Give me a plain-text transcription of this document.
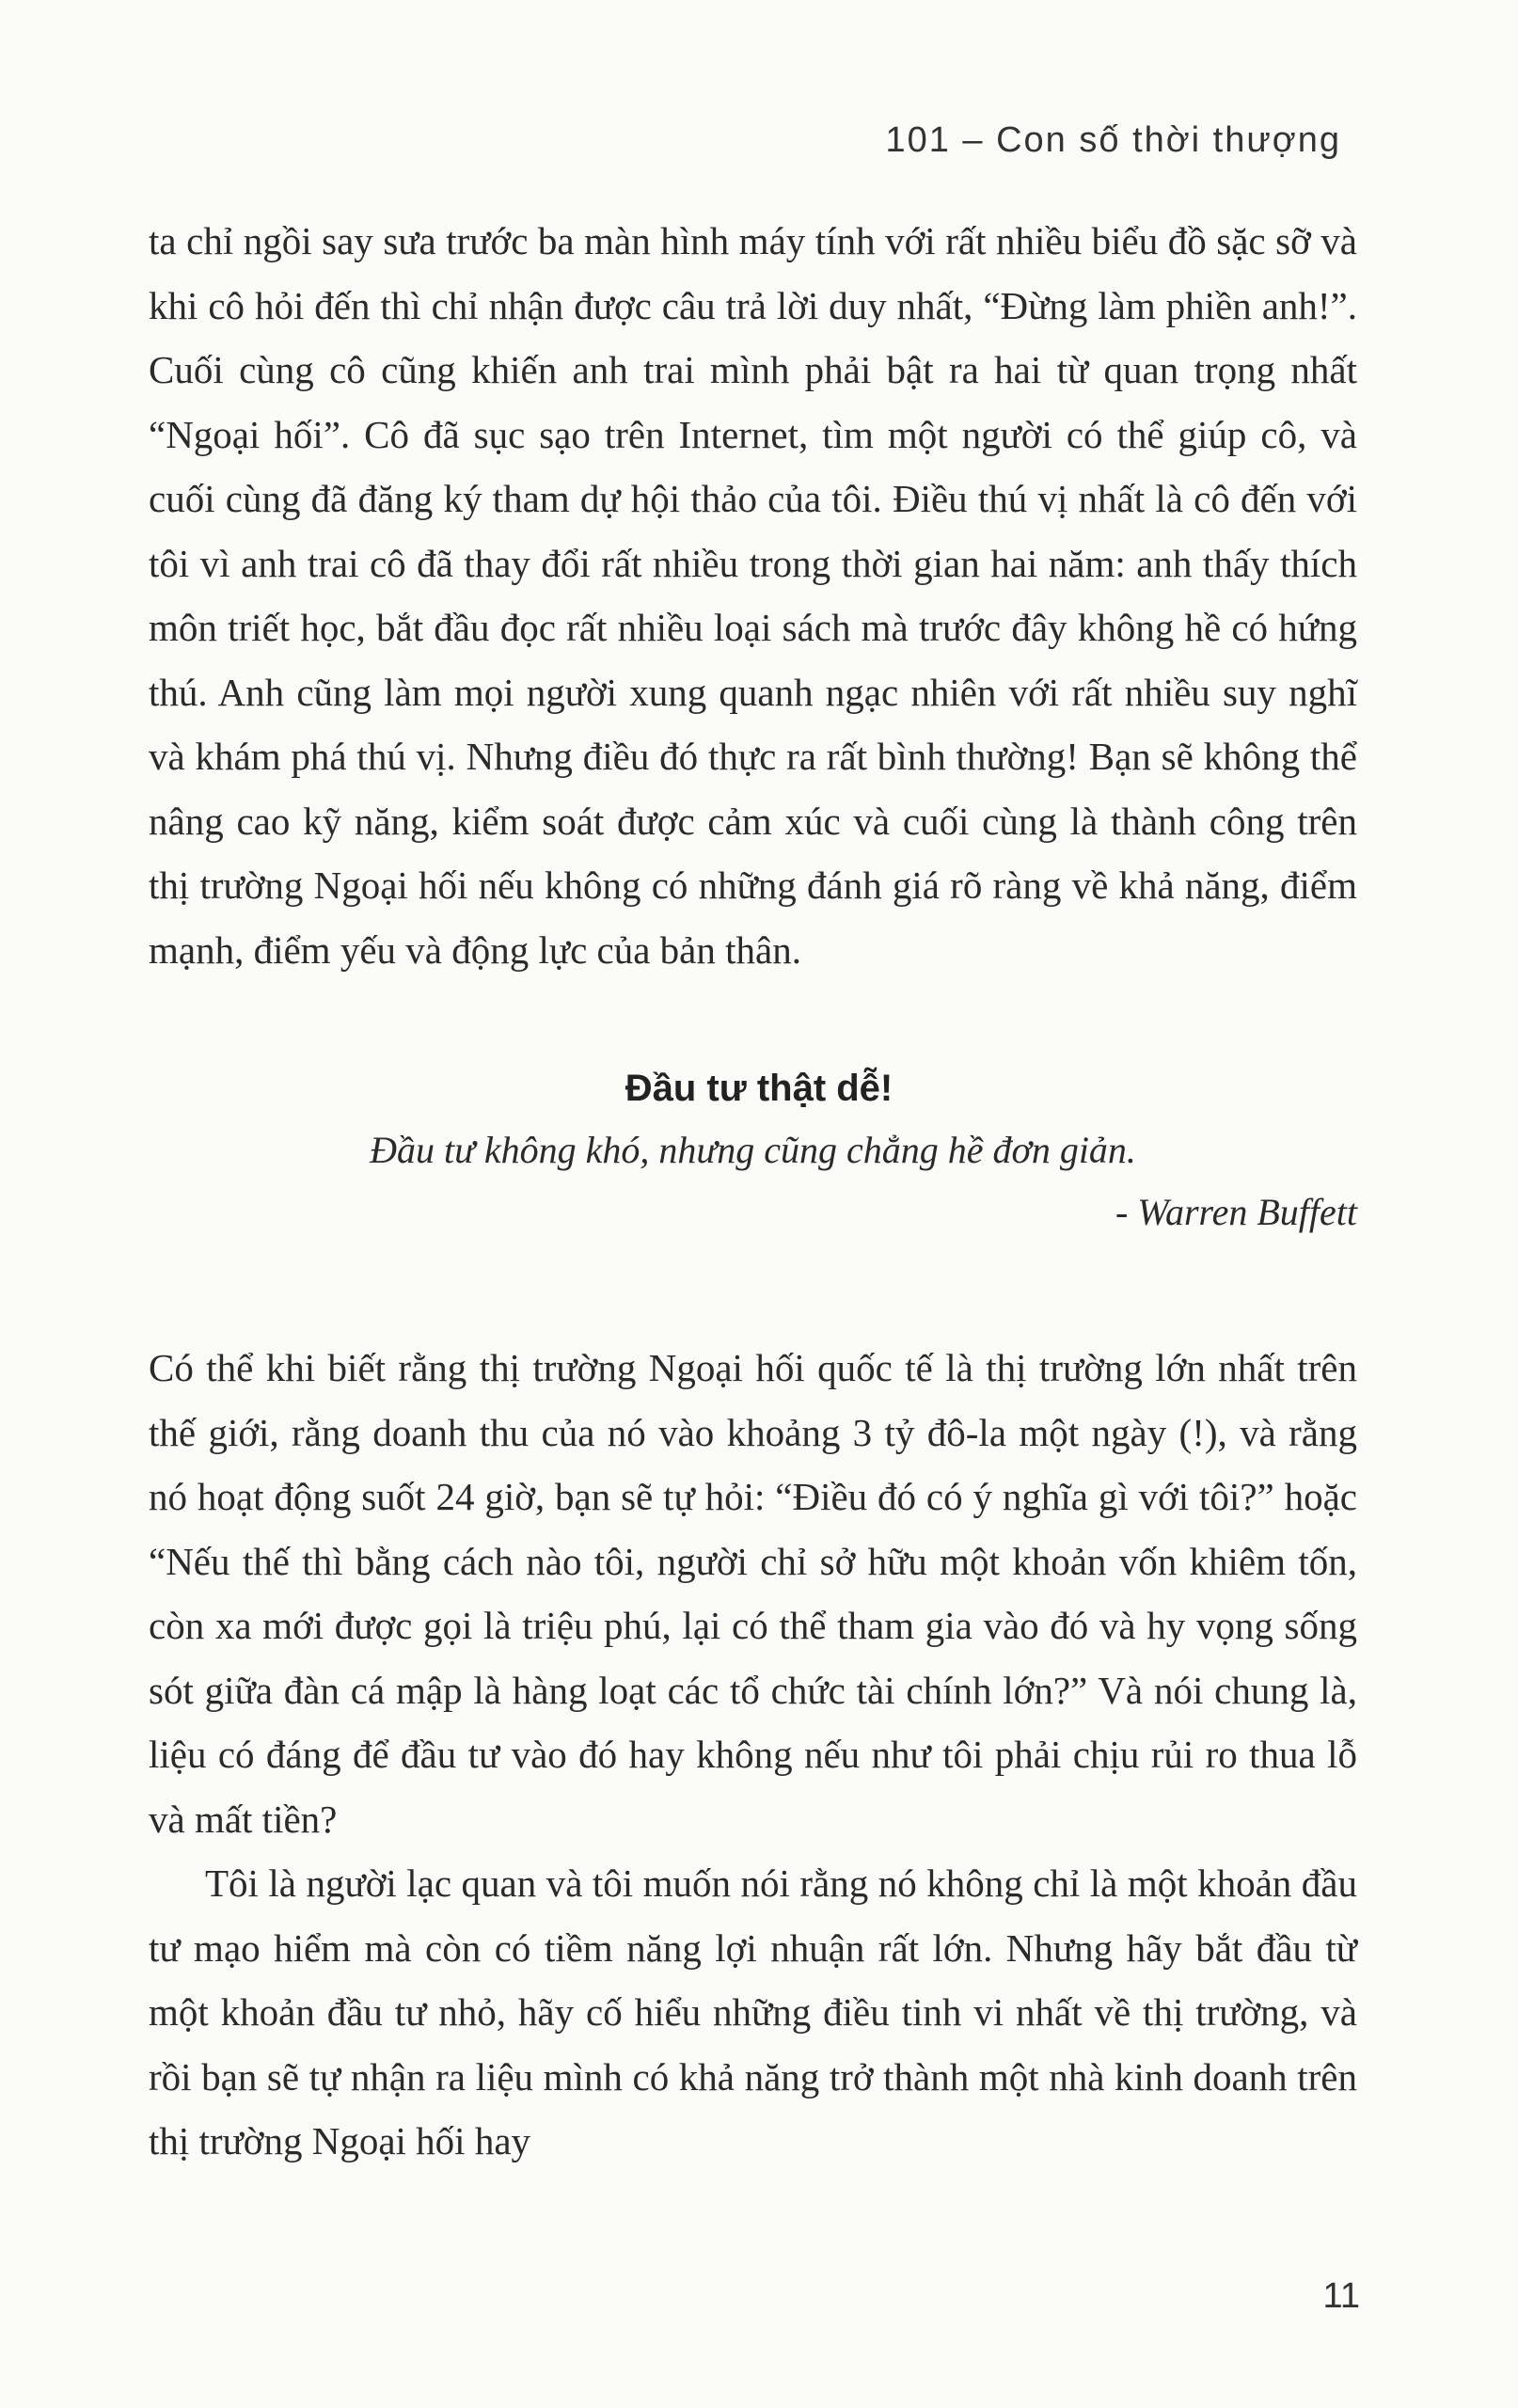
101 – Con số thời thượng

ta chỉ ngồi say sưa trước ba màn hình máy tính với rất nhiều biểu đồ sặc sỡ và khi cô hỏi đến thì chỉ nhận được câu trả lời duy nhất, “Đừng làm phiền anh!”. Cuối cùng cô cũng khiến anh trai mình phải bật ra hai từ quan trọng nhất “Ngoại hối”. Cô đã sục sạo trên Internet, tìm một người có thể giúp cô, và cuối cùng đã đăng ký tham dự hội thảo của tôi. Điều thú vị nhất là cô đến với tôi vì anh trai cô đã thay đổi rất nhiều trong thời gian hai năm: anh thấy thích môn triết học, bắt đầu đọc rất nhiều loại sách mà trước đây không hề có hứng thú. Anh cũng làm mọi người xung quanh ngạc nhiên với rất nhiều suy nghĩ và khám phá thú vị. Nhưng điều đó thực ra rất bình thường! Bạn sẽ không thể nâng cao kỹ năng, kiểm soát được cảm xúc và cuối cùng là thành công trên thị trường Ngoại hối nếu không có những đánh giá rõ ràng về khả năng, điểm mạnh, điểm yếu và động lực của bản thân.

Đầu tư thật dễ!
Đầu tư không khó, nhưng cũng chẳng hề đơn giản.
- Warren Buffett

Có thể khi biết rằng thị trường Ngoại hối quốc tế là thị trường lớn nhất trên thế giới, rằng doanh thu của nó vào khoảng 3 tỷ đô-la một ngày (!), và rằng nó hoạt động suốt 24 giờ, bạn sẽ tự hỏi: “Điều đó có ý nghĩa gì với tôi?” hoặc “Nếu thế thì bằng cách nào tôi, người chỉ sở hữu một khoản vốn khiêm tốn, còn xa mới được gọi là triệu phú, lại có thể tham gia vào đó và hy vọng sống sót giữa đàn cá mập là hàng loạt các tổ chức tài chính lớn?” Và nói chung là, liệu có đáng để đầu tư vào đó hay không nếu như tôi phải chịu rủi ro thua lỗ và mất tiền?

Tôi là người lạc quan và tôi muốn nói rằng nó không chỉ là một khoản đầu tư mạo hiểm mà còn có tiềm năng lợi nhuận rất lớn. Nhưng hãy bắt đầu từ một khoản đầu tư nhỏ, hãy cố hiểu những điều tinh vi nhất về thị trường, và rồi bạn sẽ tự nhận ra liệu mình có khả năng trở thành một nhà kinh doanh trên thị trường Ngoại hối hay

11
